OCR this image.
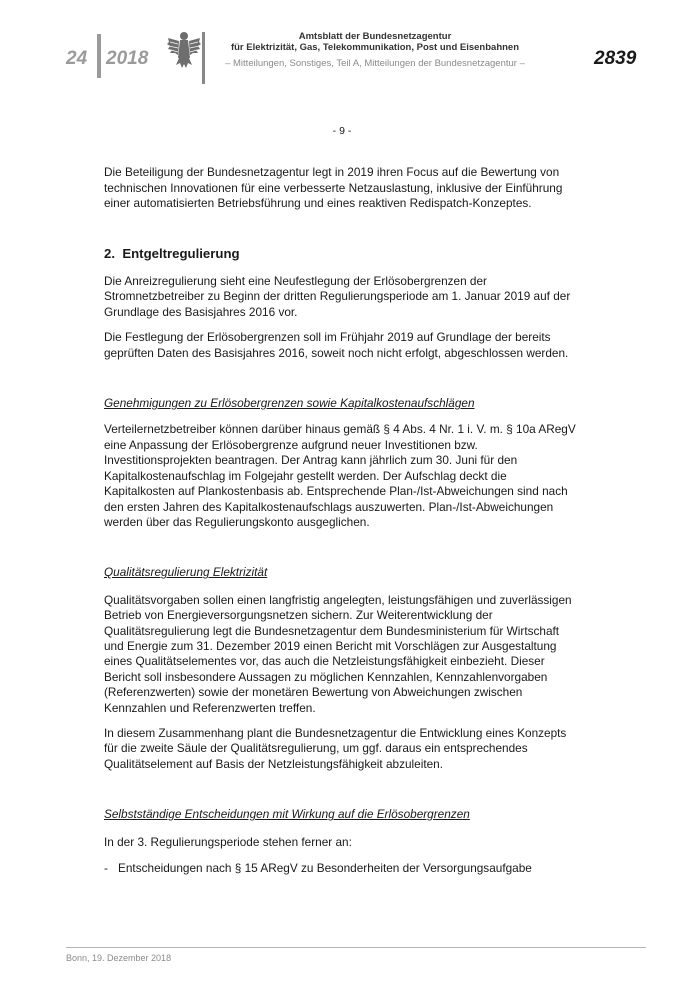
24 2018
Amtsblatt der Bundesnetzagentur
für Elektrizität, Gas, Telekommunikation, Post und Eisenbahnen
– Mitteilungen, Sonstiges, Teil A, Mitteilungen der Bundesnetzagentur –	2839

- 9 -

Die Beteiligung der Bundesnetzagentur legt in 2019 ihren Focus auf die Bewertung von technischen Innovationen für eine verbesserte Netzauslastung, inklusive der Einführung einer automatisierten Betriebsführung und eines reaktiven Redispatch-Konzeptes.

2.  Entgeltregulierung

Die Anreizregulierung sieht eine Neufestlegung der Erlösobergrenzen der Stromnetzbetreiber zu Beginn der dritten Regulierungsperiode am 1. Januar 2019 auf der Grundlage des Basisjahres 2016 vor.

Die Festlegung der Erlösobergrenzen soll im Frühjahr 2019 auf Grundlage der bereits geprüften Daten des Basisjahres 2016, soweit noch nicht erfolgt, abgeschlossen werden.

Genehmigungen zu Erlösobergrenzen sowie Kapitalkostenaufschlägen

Verteilernetzbetreiber können darüber hinaus gemäß § 4 Abs. 4 Nr. 1 i. V. m. § 10a ARegV eine Anpassung der Erlösobergrenze aufgrund neuer Investitionen bzw. Investitionsprojekten beantragen. Der Antrag kann jährlich zum 30. Juni für den Kapitalkostenaufschlag im Folgejahr gestellt werden. Der Aufschlag deckt die Kapitalkosten auf Plankostenbasis ab. Entsprechende Plan-/Ist-Abweichungen sind nach den ersten Jahren des Kapitalkostenaufschlags auszuwerten. Plan-/Ist-Abweichungen werden über das Regulierungskonto ausgeglichen.

Qualitätsregulierung Elektrizität

Qualitätsvorgaben sollen einen langfristig angelegten, leistungsfähigen und zuverlässigen Betrieb von Energieversorgungsnetzen sichern. Zur Weiterentwicklung der Qualitätsregulierung legt die Bundesnetzagentur dem Bundesministerium für Wirtschaft und Energie zum 31. Dezember 2019 einen Bericht mit Vorschlägen zur Ausgestaltung eines Qualitätselementes vor, das auch die Netzleistungsfähigkeit einbezieht. Dieser Bericht soll insbesondere Aussagen zu möglichen Kennzahlen, Kennzahlenvorgaben (Referenzwerten) sowie der monetären Bewertung von Abweichungen zwischen Kennzahlen und Referenzwerten treffen.

In diesem Zusammenhang plant die Bundesnetzagentur die Entwicklung eines Konzepts für die zweite Säule der Qualitätsregulierung, um ggf. daraus ein entsprechendes Qualitätselement auf Basis der Netzleistungsfähigkeit abzuleiten.

Selbstständige Entscheidungen mit Wirkung auf die Erlösobergrenzen

In der 3. Regulierungsperiode stehen ferner an:

- Entscheidungen nach § 15 ARegV zu Besonderheiten der Versorgungsaufgabe
Bonn, 19. Dezember 2018
